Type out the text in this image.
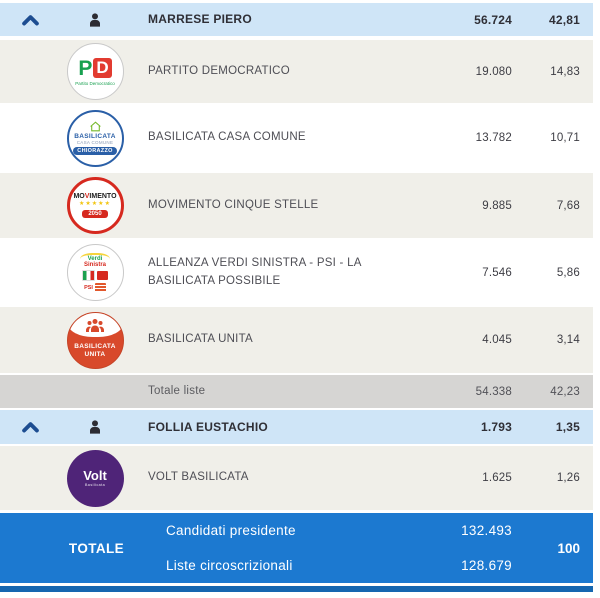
MARRESE PIERO	56.724	42,81
P D
Partito Democratico
PARTITO DEMOCRATICO	19.080	14,83
BASILICATA
CASA COMUNE
CHIORAZZO
BASILICATA CASA COMUNE	13.782	10,71
MOVIMENTO
★★★★★
2050
MOVIMENTO CINQUE STELLE	9.885	7,68
Verdi
Sinistra
PSI
ALLEANZA VERDI SINISTRA - PSI - LA BASILICATA POSSIBILE
7.546	5,86
BASILICATA
UNITA
BASILICATA UNITA	4.045	3,14
Totale liste	54.338	42,23
FOLLIA EUSTACHIO	1.793	1,35
Volt
Basilicata
VOLT BASILICATA	1.625	1,26
TOTALE
Candidati presidente	132.493
Liste circoscrizionali	128.679
100
